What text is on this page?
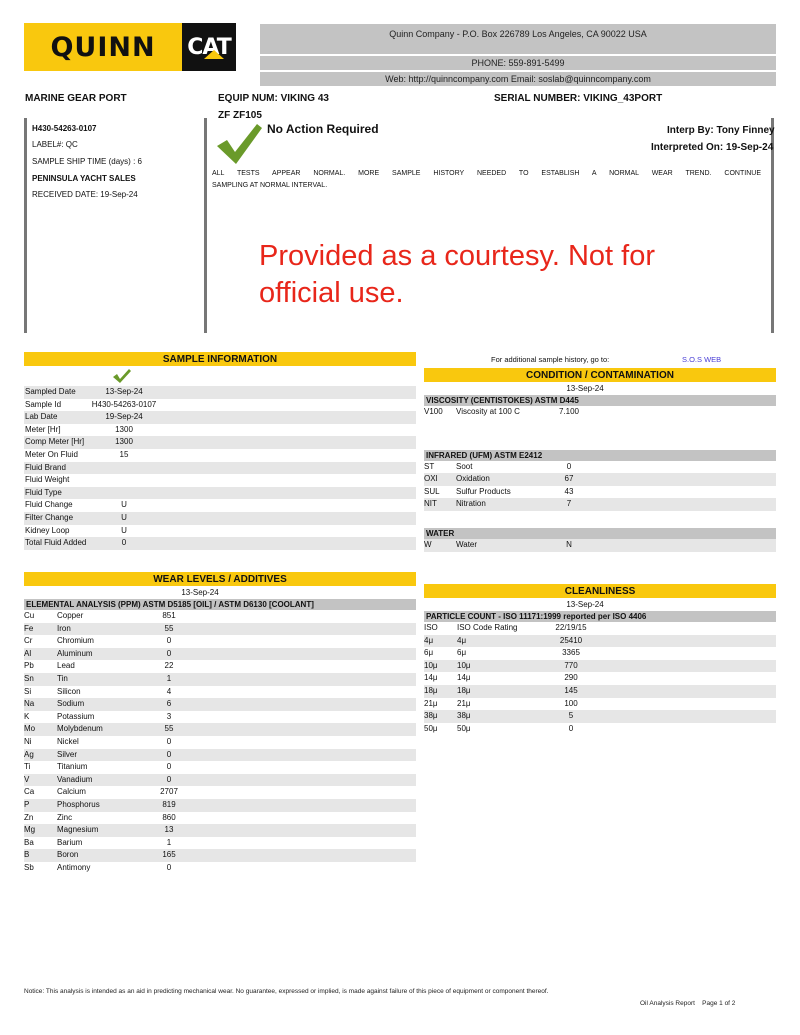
QUINN	CAT
Quinn Company - P.O. Box 226789 Los Angeles, CA 90022 USA
PHONE: 559-891-5499
Web: http://quinncompany.com Email: soslab@quinncompany.com
MARINE GEAR PORT	EQUIP NUM: VIKING 43
ZF ZF105
SERIAL NUMBER: VIKING_43PORT
H430-54263-0107
LABEL#: QC
SAMPLE SHIP TIME (days) : 6
PENINSULA YACHT SALES
RECEIVED DATE: 19-Sep-24
No Action Required	Interp By: Tony Finney
Interpreted On: 19-Sep-24
ALL TESTS APPEAR NORMAL. MORE SAMPLE HISTORY NEEDED TO ESTABLISH A NORMAL WEAR TREND. CONTINUE
SAMPLING AT NORMAL INTERVAL.
Provided as a courtesy. Not for official use.
SAMPLE INFORMATION
Sampled Date	13-Sep-24
Sample Id	H430-54263-0107
Lab Date	19-Sep-24
Meter [Hr]	1300
Comp Meter [Hr]	1300
Meter On Fluid	15
Fluid Brand
Fluid Weight
Fluid Type
Fluid Change	U
Filter Change	U
Kidney Loop	U
Total Fluid Added	0
For additional sample history, go to:	S.O.S WEB
CONDITION / CONTAMINATION
13-Sep-24
VISCOSITY (CENTISTOKES) ASTM D445
V100 Viscosity at 100 C	7.100
INFRARED (UFM) ASTM E2412
ST	Soot	0
OXI Oxidation	67
SUL Sulfur Products	43
NIT Nitration	7
WATER
W	Water	N
WEAR LEVELS / ADDITIVES
13-Sep-24
ELEMENTAL ANALYSIS (PPM) ASTM D5185 [OIL] / ASTM D6130 [COOLANT]
Cu	Copper	851
Fe	Iron	55
Cr	Chromium	0
Al	Aluminum	0
Pb	Lead	22
Sn	Tin	1
Si	Silicon	4
Na	Sodium	6
K	Potassium	3
Mo	Molybdenum	55
Ni	Nickel	0
Ag	Silver	0
Ti	Titanium	0
V	Vanadium	0
Ca	Calcium	2707
P	Phosphorus	819
Zn	Zinc	860
Mg	Magnesium	13
Ba	Barium	1
B	Boron	165
Sb	Antimony	0
CLEANLINESS
13-Sep-24
PARTICLE COUNT - ISO 11171:1999 reported per ISO 4406
ISO ISO Code Rating	22/19/15
4μ	4μ	25410
6μ	6μ	3365
10μ 10μ	770
14μ 14μ	290
18μ 18μ	145
21μ 21μ	100
38μ 38μ	5
50μ 50μ	0
Notice: This analysis is intended as an aid in predicting mechanical wear. No guarantee, expressed or implied, is made against failure of this piece of equipment or component thereof.
Oil Analysis Report Page 1 of 2
